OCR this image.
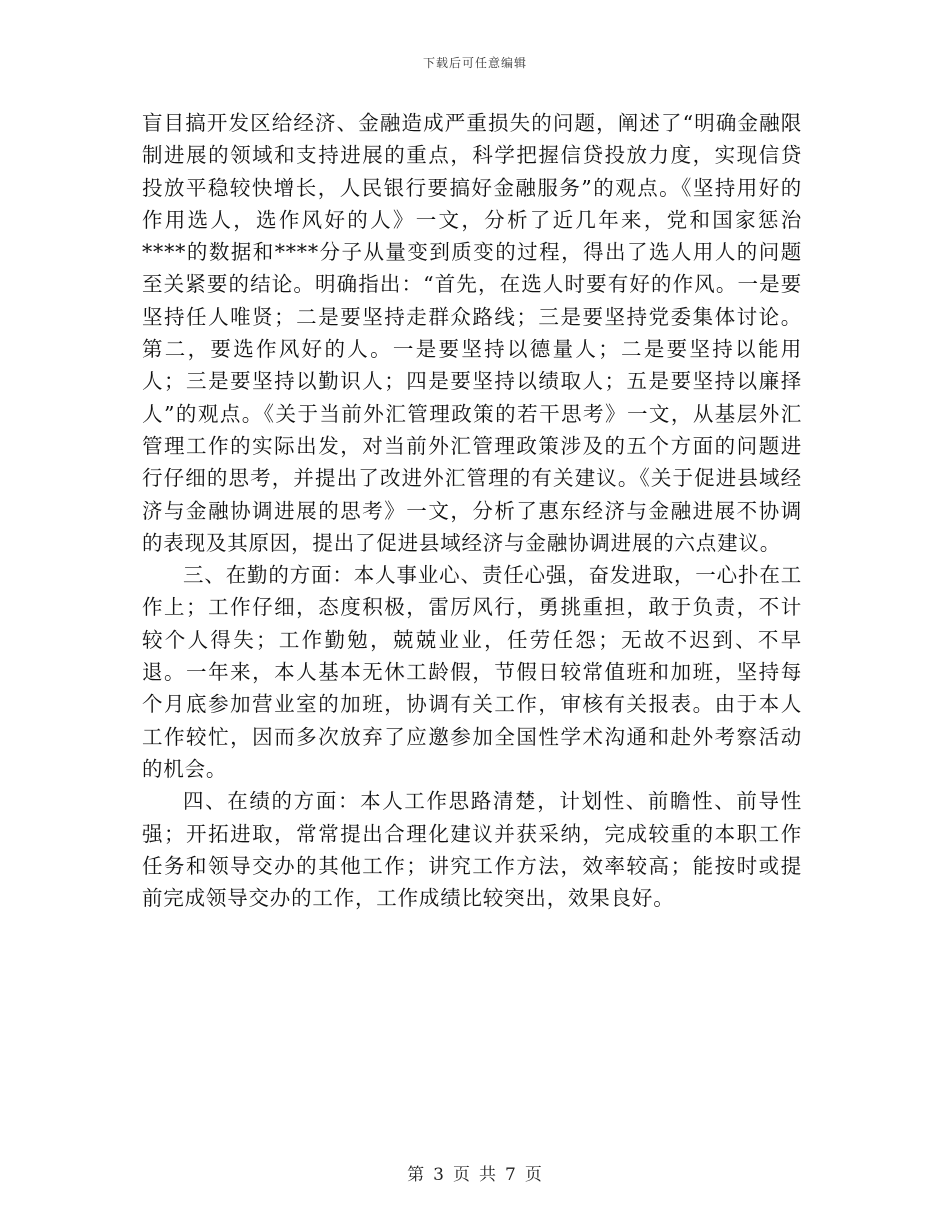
下载后可任意编辑

盲目搞开发区给经济、金融造成严重损失的问题，阐述了“明确金融限制进展的领域和支持进展的重点，科学把握信贷投放力度，实现信贷投放平稳较快增长，人民银行要搞好金融服务”的观点。《坚持用好的作用选人，选作风好的人》一文，分析了近几年来，党和国家惩治****的数据和****分子从量变到质变的过程，得出了选人用人的问题至关紧要的结论。明确指出：“首先，在选人时要有好的作风。一是要坚持任人唯贤；二是要坚持走群众路线；三是要坚持党委集体讨论。第二，要选作风好的人。一是要坚持以德量人；二是要坚持以能用人；三是要坚持以勤识人；四是要坚持以绩取人；五是要坚持以廉择人”的观点。《关于当前外汇管理政策的若干思考》一文，从基层外汇管理工作的实际出发，对当前外汇管理政策涉及的五个方面的问题进行仔细的思考，并提出了改进外汇管理的有关建议。《关于促进县域经济与金融协调进展的思考》一文，分析了惠东经济与金融进展不协调的表现及其原因，提出了促进县域经济与金融协调进展的六点建议。

三、在勤的方面：本人事业心、责任心强，奋发进取，一心扑在工作上；工作仔细，态度积极，雷厉风行，勇挑重担，敢于负责，不计较个人得失；工作勤勉，兢兢业业，任劳任怨；无故不迟到、不早退。一年来，本人基本无休工龄假，节假日较常值班和加班，坚持每个月底参加营业室的加班，协调有关工作，审核有关报表。由于本人工作较忙，因而多次放弃了应邀参加全国性学术沟通和赴外考察活动的机会。

四、在绩的方面：本人工作思路清楚，计划性、前瞻性、前导性强；开拓进取，常常提出合理化建议并获采纳，完成较重的本职工作任务和领导交办的其他工作；讲究工作方法，效率较高；能按时或提前完成领导交办的工作，工作成绩比较突出，效果良好。

第 3 页 共 7 页
